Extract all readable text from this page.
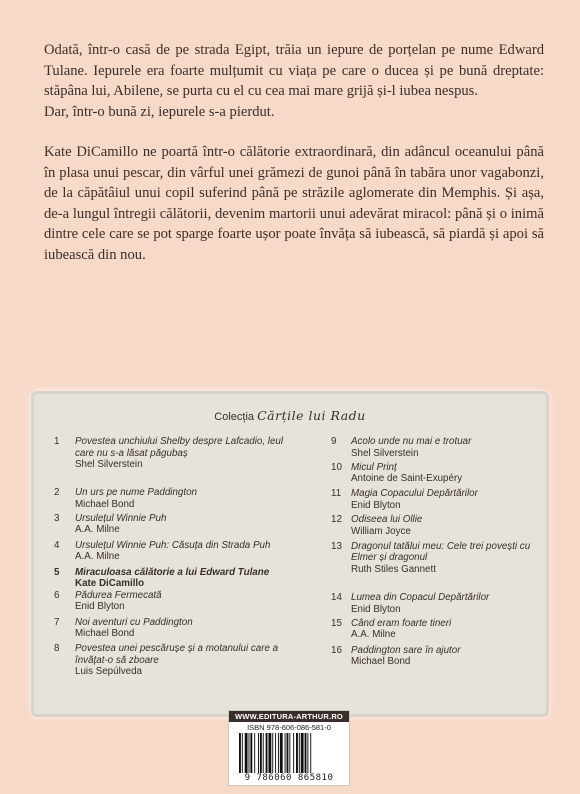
Odată, într-o casă de pe strada Egipt, trăia un iepure de porțelan pe nume Edward Tulane. Iepurele era foarte mulțumit cu viața pe care o ducea și pe bună dreptate: stăpâna lui, Abilene, se purta cu el cu cea mai mare grijă și-l iubea nespus.

Dar, într-o bună zi, iepurele s-a pierdut.

Kate DiCamillo ne poartă într-o călătorie extraordinară, din adâncul oceanului până în plasa unui pescar, din vârful unei grămezi de gunoi până în tabăra unor vagabonzi, de la căpătâiul unui copil suferind până pe străzile aglomerate din Memphis. Și așa, de-a lungul întregii călătorii, devenim martorii unui adevărat miracol: până și o inimă dintre cele care se pot sparge foarte ușor poate învăța să iubească, să piardă și apoi să iubească din nou.

Colecția Cărțile lui Radu
1	Povestea unchiului Shelby despre Lafcadio, leul care nu s-a lăsat păgubaș
Shel Silverstein
2	Un urs pe nume Paddington
Michael Bond
3	Ursulețul Winnie Puh
A.A. Milne
4	Ursulețul Winnie Puh: Căsuța din Strada Puh
A.A. Milne
5	Miraculoasa călătorie a lui Edward Tulane
Kate DiCamillo
6	Pădurea Fermecată
Enid Blyton
7	Noi aventuri cu Paddington
Michael Bond
8	Povestea unei pescărușe și a motanului care a învățat-o să zboare
Luis Sepúlveda
9	Acolo unde nu mai e trotuar
Shel Silverstein
10 Micul Prinț
Antoine de Saint-Exupéry
11	Magia Copacului Depărtărilor
Enid Blyton
12 Odiseea lui Ollie
William Joyce
13 Dragonul tatălui meu: Cele trei povești cu Elmer și dragonul
Ruth Stiles Gannett
14 Lumea din Copacul Depărtărilor
Enid Blyton
15 Când eram foarte tineri
A.A. Milne
16 Paddington sare în ajutor
Michael Bond
WWW.EDITURA-ARTHUR.RO
ISBN 978-606-086-581-0
9 786060 865810
